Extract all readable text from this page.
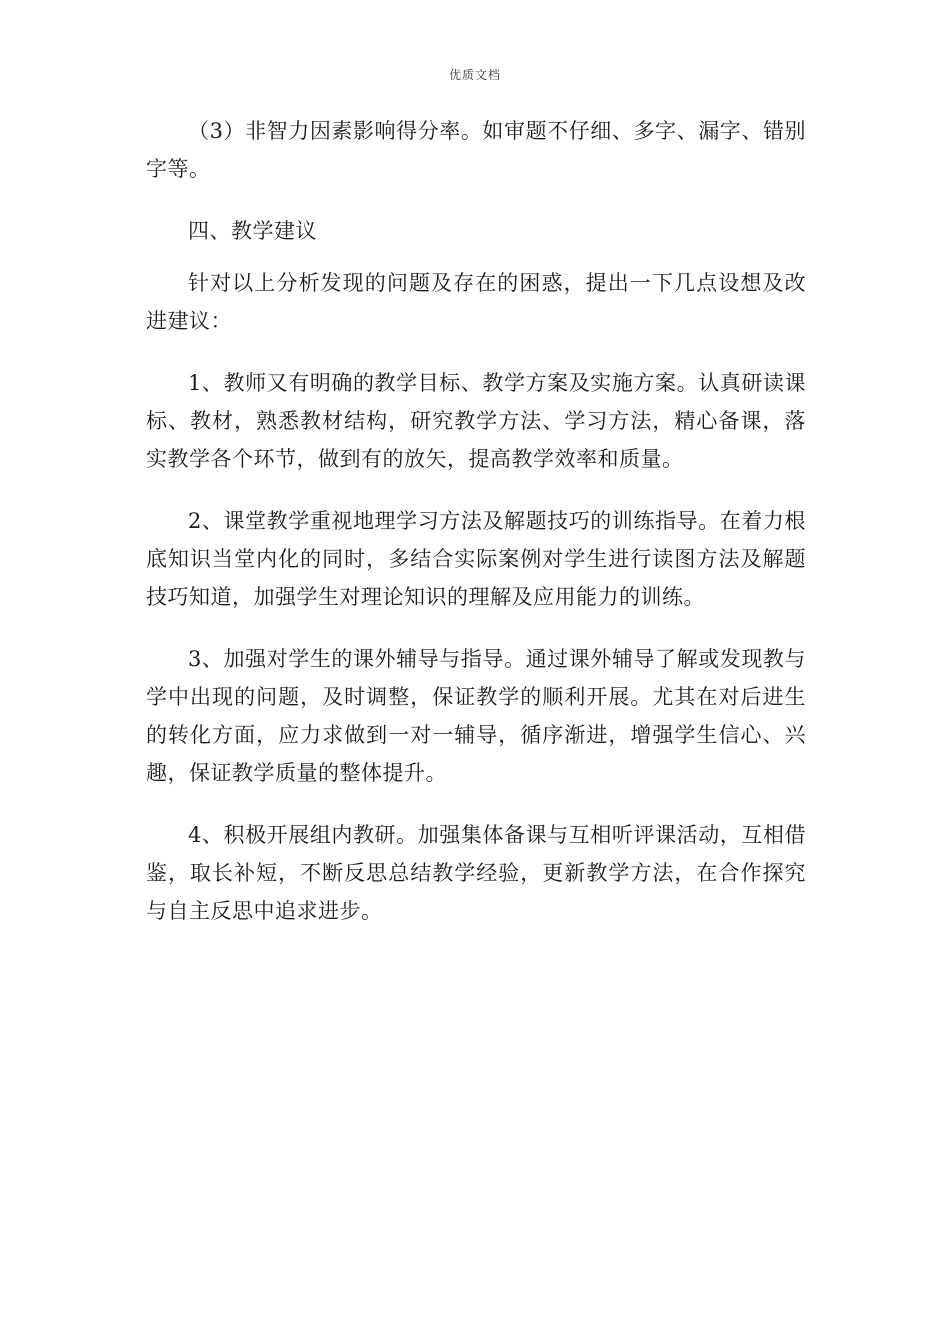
优质文档

（3）非智力因素影响得分率。如审题不仔细、多字、漏字、错别字等。

四、教学建议

针对以上分析发现的问题及存在的困惑，提出一下几点设想及改进建议：

1、教师又有明确的教学目标、教学方案及实施方案。认真研读课标、教材，熟悉教材结构，研究教学方法、学习方法，精心备课，落实教学各个环节，做到有的放矢，提高教学效率和质量。

2、课堂教学重视地理学习方法及解题技巧的训练指导。在着力根底知识当堂内化的同时，多结合实际案例对学生进行读图方法及解题技巧知道，加强学生对理论知识的理解及应用能力的训练。

3、加强对学生的课外辅导与指导。通过课外辅导了解或发现教与学中出现的问题，及时调整，保证教学的顺利开展。尤其在对后进生的转化方面，应力求做到一对一辅导，循序渐进，增强学生信心、兴趣，保证教学质量的整体提升。

4、积极开展组内教研。加强集体备课与互相听评课活动，互相借鉴，取长补短，不断反思总结教学经验，更新教学方法，在合作探究与自主反思中追求进步。
